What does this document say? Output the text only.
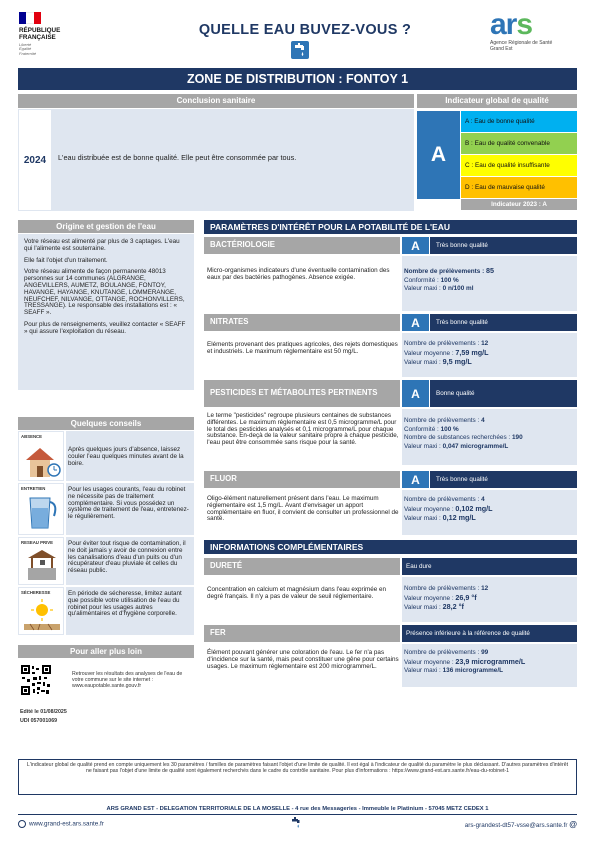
RÉPUBLIQUE
FRANÇAISE
Liberté
Égalité
Fraternité
QUELLE EAU BUVEZ-VOUS ?	ars
Agence Régionale de Santé
Grand Est
ZONE DE DISTRIBUTION : FONTOY 1
Conclusion sanitaire
2024	L'eau distribuée est de bonne qualité. Elle peut être consommée par tous.
Indicateur global de qualité
A
A : Eau de bonne qualité
B : Eau de qualité convenable
C : Eau de qualité insuffisante
D : Eau de mauvaise qualité
Indicateur 2023 : A
Origine et gestion de l'eau

Votre réseau est alimenté par plus de 3 captages. L'eau qui l'alimente est souterraine.

Elle fait l'objet d'un traitement.

Votre réseau alimente de façon permanente 48013 personnes sur 14 communes (ALGRANGE, ANGEVILLERS, AUMETZ, BOULANGE, FONTOY, HAVANGE, HAYANGE, KNUTANGE, LOMMERANGE, NEUFCHEF, NILVANGE, OTTANGE, ROCHONVILLERS, TRESSANGE). Le responsable des installations est : « SEAFF ».

Pour plus de renseignements, veuillez contacter « SEAFF » qui assure l'exploitation du réseau.

Quelques conseils
ABSENCE
Après quelques jours d'absence, laissez couler l'eau quelques minutes avant de la boire.
ENTRETIEN	Pour les usages courants, l'eau du robinet ne nécessite pas de traitement complémentaire. Si vous possédez un système de traitement de l'eau, entretenez-le régulièrement.
RESEAU PRIVE	Pour éviter tout risque de contamination, il ne doit jamais y avoir de connexion entre les canalisations d'eau d'un puits ou d'un récupérateur d'eau pluviale et celles du réseau public.
SÉCHERESSE	En période de sécheresse, limitez autant que possible votre utilisation de l'eau du robinet pour les usages autres qu'alimentaires et d'hygiène corporelle.
Pour aller plus loin
Retrouver les résultats des analyses de l'eau de votre commune sur le site internet : www.eaupotable.sante.gouv.fr
Edité le 01/08/2025
UDI 057001069
PARAMÈTRES D'INTÉRÊT POUR LA POTABILITÉ DE L'EAU
BACTÉRIOLOGIE	A	Très bonne qualité
Micro-organismes indicateurs d'une éventuelle contamination des eaux par des bactéries pathogènes. Absence exigée.
Nombre de prélèvements : 85
Conformité : 100 %
Valeur maxi : 0 n/100 ml
NITRATES	A	Très bonne qualité
Eléments provenant des pratiques agricoles, des rejets domestiques et industriels. Le maximum réglementaire est 50 mg/L.
Nombre de prélèvements : 12
Valeur moyenne : 7,59 mg/L
Valeur maxi : 9,5 mg/L
PESTICIDES ET MÉTABOLITES PERTINENTS	A	Bonne qualité
Le terme "pesticides" regroupe plusieurs centaines de substances différentes. Le maximum réglementaire est 0,5 microgramme/L pour le total des pesticides analysés et 0,1 microgramme/L pour chaque substance. En-deçà de la valeur sanitaire propre à chaque pesticide, l'eau peut être consommée sans risque pour la santé.
Nombre de prélèvements : 4
Conformité : 100 %
Nombre de substances recherchées : 190
Valeur maxi : 0,047 microgramme/L
FLUOR	A	Très bonne qualité
Oligo-élément naturellement présent dans l'eau. Le maximum réglementaire est 1,5 mg/L. Avant d'envisager un apport complémentaire en fluor, il convient de consulter un professionnel de santé.
Nombre de prélèvements : 4
Valeur moyenne : 0,102 mg/L
Valeur maxi : 0,12 mg/L
INFORMATIONS COMPLÉMENTAIRES
DURETÉ	Eau dure
Concentration en calcium et magnésium dans l'eau exprimée en degré français. Il n'y a pas de valeur de seuil réglementaire.
Nombre de prélèvements : 12
Valeur moyenne : 26,9 °f
Valeur maxi : 28,2 °f
FER	Présence inférieure à la référence de qualité
Élément pouvant générer une coloration de l'eau. Le fer n'a pas d'incidence sur la santé, mais peut constituer une gêne pour certains usages. Le maximum réglementaire est 200 microgramme/L.
Nombre de prélèvements : 99
Valeur moyenne : 23,9 microgramme/L
Valeur maxi : 136 microgramme/L
L'indicateur global de qualité prend en compte uniquement les 30 paramètres / familles de paramètres faisant l'objet d'une limite de qualité. Il est égal à l'indicateur de qualité du paramètre le plus déclassant. D'autres paramètres d'intérêt ne faisant pas l'objet d'une limite de qualité sont également recherchés dans le cadre du contrôle sanitaire. Pour plus d'informations : https://www.grand-est.ars.sante.fr/eau-du-robinet-1
ARS GRAND EST - DELEGATION TERRITORIALE DE LA MOSELLE - 4 rue des Messageries - Immeuble le Platinium - 57045 METZ CEDEX 1
www.grand-est.ars.sante.fr	ars-grandest-dt57-vsse@ars.sante.fr @
